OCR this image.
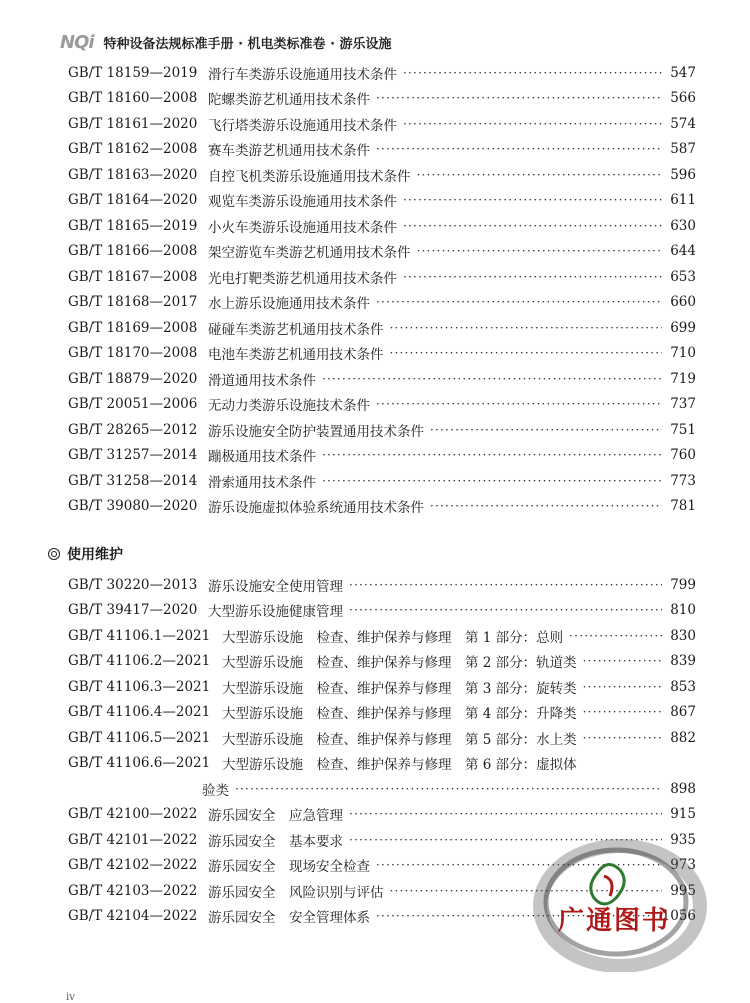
NQi 特种设备法规标准手册 · 机电类标准卷 · 游乐设施
GB/T 18159—2019 滑行车类游乐设施通用技术条件 ·····	547
GB/T 18160—2008 陀螺类游艺机通用技术条件 ·····	566
GB/T 18161—2020 飞行塔类游乐设施通用技术条件 ·····	574
GB/T 18162—2008 赛车类游艺机通用技术条件 ·····	587
GB/T 18163—2020 自控飞机类游乐设施通用技术条件 ·····	596
GB/T 18164—2020 观览车类游乐设施通用技术条件 ·····	611
GB/T 18165—2019 小火车类游乐设施通用技术条件 ·····	630
GB/T 18166—2008 架空游览车类游艺机通用技术条件 ·····	644
GB/T 18167—2008 光电打靶类游艺机通用技术条件 ·····	653
GB/T 18168—2017 水上游乐设施通用技术条件 ·····	660
GB/T 18169—2008 碰碰车类游艺机通用技术条件 ·····	699
GB/T 18170—2008 电池车类游艺机通用技术条件 ·····	710
GB/T 18879—2020 滑道通用技术条件 ·····	719
GB/T 20051—2006 无动力类游乐设施技术条件 ·····	737
GB/T 28265—2012 游乐设施安全防护装置通用技术条件 ·····	751
GB/T 31257—2014 蹦极通用技术条件 ·····	760
GB/T 31258—2014 滑索通用技术条件 ·····	773
GB/T 39080—2020 游乐设施虚拟体验系统通用技术条件 ·····	781
使用维护
GB/T 30220—2013 游乐设施安全使用管理 ·····	799
GB/T 39417—2020 大型游乐设施健康管理 ·····	810
GB/T 41106.1—2021 大型游乐设施　检查、维护保养与修理　第 1 部分：总则 ·····	830
GB/T 41106.2—2021 大型游乐设施　检查、维护保养与修理　第 2 部分：轨道类 ·····	839
GB/T 41106.3—2021 大型游乐设施　检查、维护保养与修理　第 3 部分：旋转类 ·····	853
GB/T 41106.4—2021 大型游乐设施　检查、维护保养与修理　第 4 部分：升降类 ·····	867
GB/T 41106.5—2021 大型游乐设施　检查、维护保养与修理　第 5 部分：水上类 ·····	882
GB/T 41106.6—2021 大型游乐设施　检查、维护保养与修理　第 6 部分：虚拟体
验类 ·····	898
GB/T 42100—2022 游乐园安全　应急管理 ·····	915
GB/T 42101—2022 游乐园安全　基本要求 ·····	935
GB/T 42102—2022 游乐园安全　现场安全检查 ·····	973
GB/T 42103—2022 游乐园安全　风险识别与评估 ·····	995
GB/T 42104—2022 游乐园安全　安全管理体系 ·····	1056
广通图书
iv
